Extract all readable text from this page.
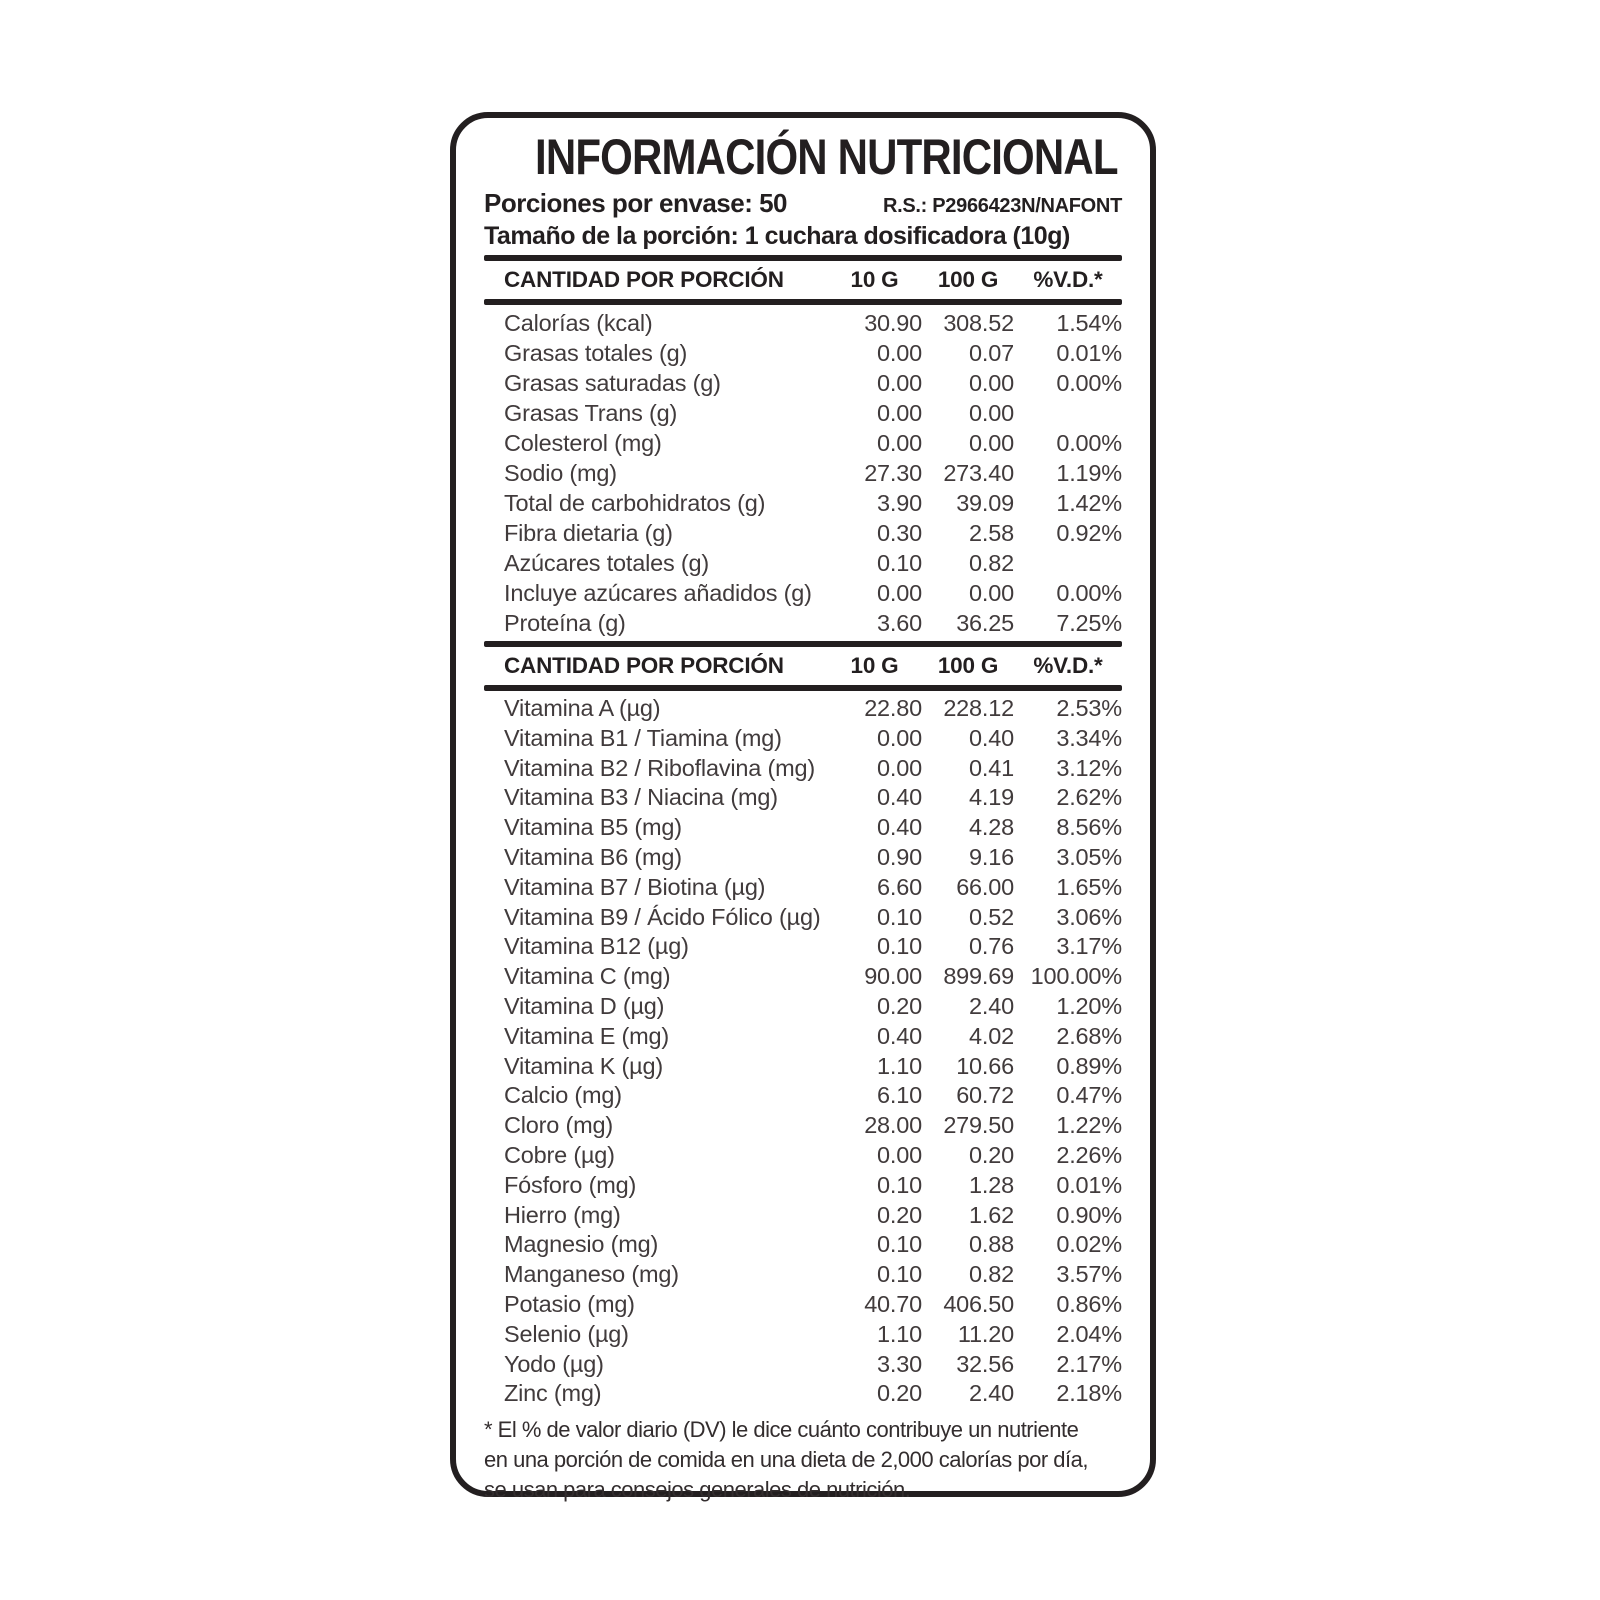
INFORMACIÓN NUTRICIONAL
Porciones por envase: 50	R.S.: P2966423N/NAFONT
Tamaño de la porción: 1 cuchara dosificadora (10g)
CANTIDAD POR PORCIÓN	10 G	100 G	%V.D.*
Calorías (kcal)	30.90 308.52	1.54%
Grasas totales (g)	0.00	0.07	0.01%
Grasas saturadas (g)	0.00	0.00	0.00%
Grasas Trans (g)	0.00	0.00
Colesterol (mg)	0.00	0.00	0.00%
Sodio (mg)	27.30 273.40	1.19%
Total de carbohidratos (g)	3.90	39.09	1.42%
Fibra dietaria (g)	0.30	2.58	0.92%
Azúcares totales (g)	0.10	0.82
Incluye azúcares añadidos (g)	0.00	0.00	0.00%
Proteína (g)	3.60	36.25	7.25%
CANTIDAD POR PORCIÓN	10 G	100 G	%V.D.*
Vitamina A (µg)	22.80 228.12	2.53%
Vitamina B1 / Tiamina (mg)	0.00	0.40	3.34%
Vitamina B2 / Riboflavina (mg)	0.00	0.41	3.12%
Vitamina B3 / Niacina (mg)	0.40	4.19	2.62%
Vitamina B5 (mg)	0.40	4.28	8.56%
Vitamina B6 (mg)	0.90	9.16	3.05%
Vitamina B7 / Biotina (µg)	6.60	66.00	1.65%
Vitamina B9 / Ácido Fólico (µg)	0.10	0.52	3.06%
Vitamina B12 (µg)	0.10	0.76	3.17%
Vitamina C (mg)	90.00 899.69 100.00%
Vitamina D (µg)	0.20	2.40	1.20%
Vitamina E (mg)	0.40	4.02	2.68%
Vitamina K (µg)	1.10	10.66	0.89%
Calcio (mg)	6.10	60.72	0.47%
Cloro (mg)	28.00 279.50	1.22%
Cobre (µg)	0.00	0.20	2.26%
Fósforo (mg)	0.10	1.28	0.01%
Hierro (mg)	0.20	1.62	0.90%
Magnesio (mg)	0.10	0.88	0.02%
Manganeso (mg)	0.10	0.82	3.57%
Potasio (mg)	40.70 406.50	0.86%
Selenio (µg)	1.10	11.20	2.04%
Yodo (µg)	3.30	32.56	2.17%
Zinc (mg)	0.20	2.40	2.18%
* El % de valor diario (DV) le dice cuánto contribuye un nutriente
en una porción de comida en una dieta de 2,000 calorías por día,
se usan para consejos generales de nutrición.
